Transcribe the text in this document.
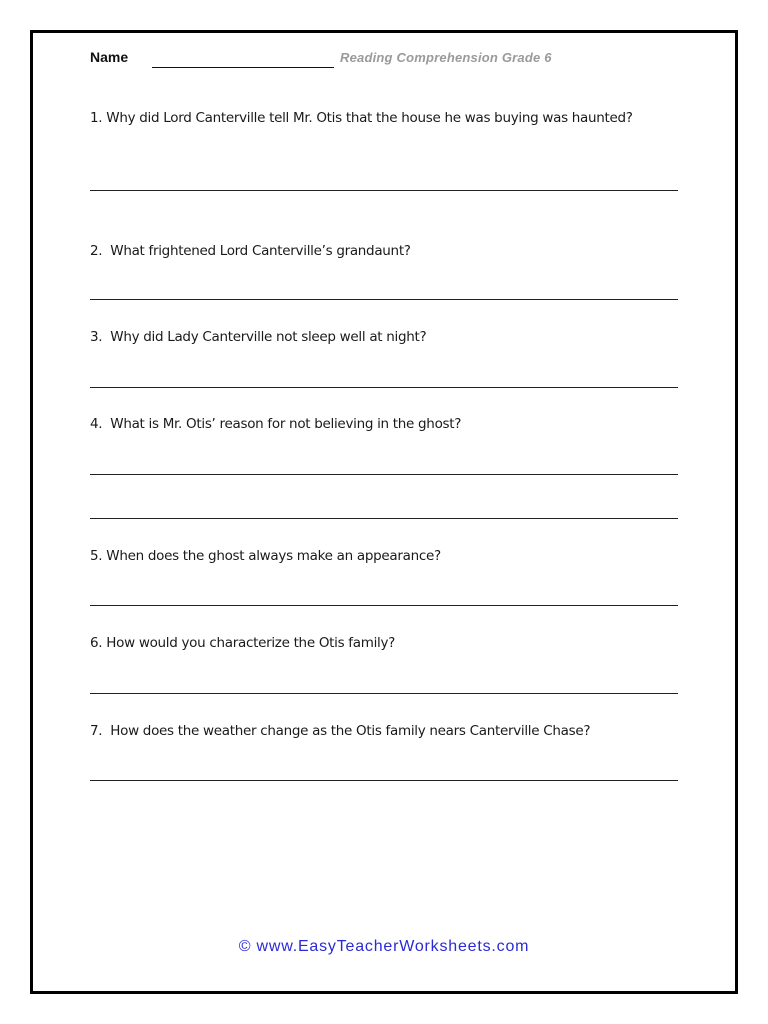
Name	Reading Comprehension Grade 6
1. Why did Lord Canterville tell Mr. Otis that the house he was buying was haunted?
2. What frightened Lord Canterville’s grandaunt?
3. Why did Lady Canterville not sleep well at night?
4. What is Mr. Otis’ reason for not believing in the ghost?
5. When does the ghost always make an appearance?
6. How would you characterize the Otis family?
7. How does the weather change as the Otis family nears Canterville Chase?
© www.EasyTeacherWorksheets.com
